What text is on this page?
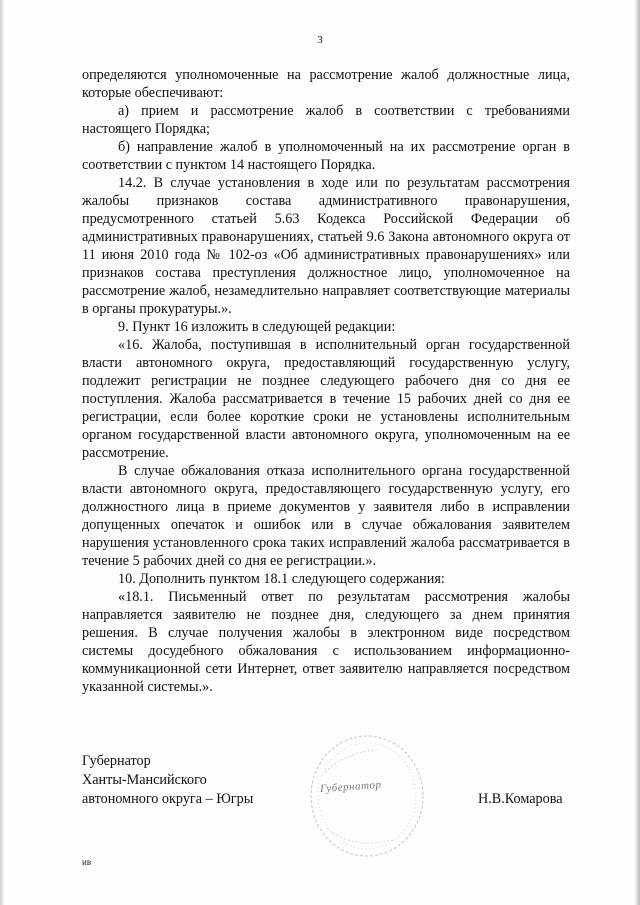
3

определяются уполномоченные на рассмотрение жалоб должностные лица, которые обеспечивают:

а) прием и рассмотрение жалоб в соответствии с требованиями настоящего Порядка;

б) направление жалоб в уполномоченный на их рассмотрение орган в соответствии с пунктом 14 настоящего Порядка.

14.2. В случае установления в ходе или по результатам рассмотрения жалобы признаков состава административного правонарушения, предусмотренного статьей 5.63 Кодекса Российской Федерации об административных правонарушениях, статьей 9.6 Закона автономного округа от 11 июня 2010 года № 102-оз «Об административных правонарушениях» или признаков состава преступления должностное лицо, уполномоченное на рассмотрение жалоб, незамедлительно направляет соответствующие материалы в органы прокуратуры.».

9. Пункт 16 изложить в следующей редакции:

«16. Жалоба, поступившая в исполнительный орган государственной власти автономного округа, предоставляющий государственную услугу, подлежит регистрации не позднее следующего рабочего дня со дня ее поступления. Жалоба рассматривается в течение 15 рабочих дней со дня ее регистрации, если более короткие сроки не установлены исполнительным органом государственной власти автономного округа, уполномоченным на ее рассмотрение.

В случае обжалования отказа исполнительного органа государственной власти автономного округа, предоставляющего государственную услугу, его должностного лица в приеме документов у заявителя либо в исправлении допущенных опечаток и ошибок или в случае обжалования заявителем нарушения установленного срока таких исправлений жалоба рассматривается в течение 5 рабочих дней со дня ее регистрации.».

10. Дополнить пунктом 18.1 следующего содержания:

«18.1. Письменный ответ по результатам рассмотрения жалобы направляется заявителю не позднее дня, следующего за днем принятия решения. В случае получения жалобы в электронном виде посредством системы досудебного обжалования с использованием информационно-коммуникационной сети Интернет, ответ заявителю направляется посредством указанной системы.».

Губернатор
Ханты-Мансийского
автономного округа – Югры
Губернатор
Н.В.Комарова
ив
